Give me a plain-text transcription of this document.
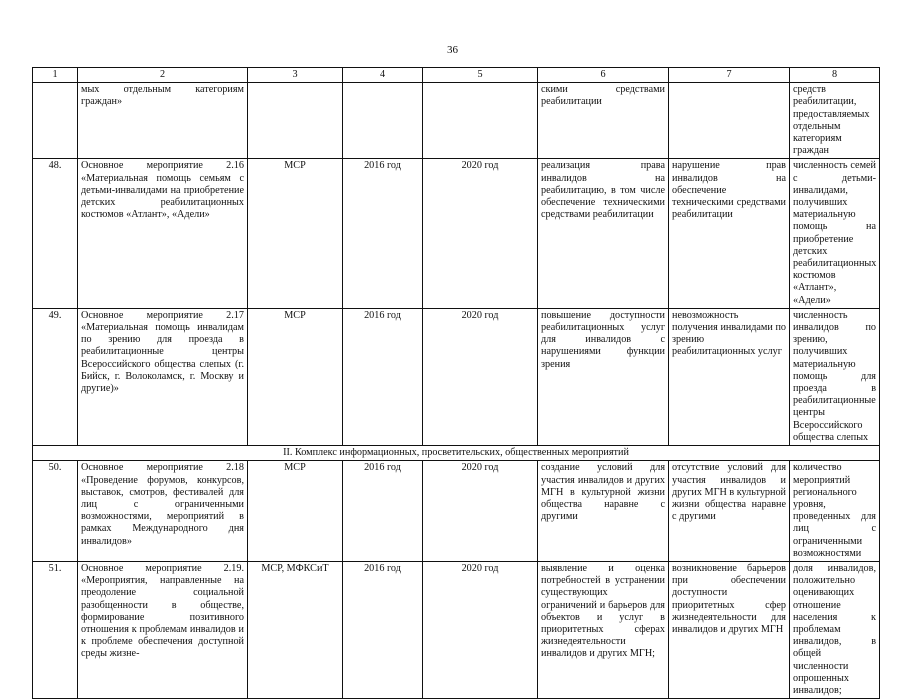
36
1	2	3	4	5	6	7	8
	мых отдельным категориям граждан»				скими средствами реабилитации		средств реабилитации, предоставляемых отдельным категориям граждан
48.	Основное мероприятие 2.16 «Материальная помощь семьям с детьми-инвалидами на приобретение детских реабилитационных костюмов «Атлант», «Адели»	МСР	2016 год	2020 год	реализация права инвалидов на реабилитацию, в том числе обеспечение техническими средствами реабилитации	нарушение прав инвалидов на обеспечение техническими средствами реабилитации	численность семей с детьми-инвалидами, получивших материальную помощь на приобретение детских реабилитационных костюмов «Атлант», «Адели»
49.	Основное мероприятие 2.17 «Материальная помощь инвалидам по зрению для проезда в реабилитационные центры Всероссийского общества слепых (г. Бийск, г. Волоколамск, г. Москву и другие)»	МСР	2016 год	2020 год	повышение доступности реабилитационных услуг для инвалидов с нарушениями функции зрения	невозможность получения инвалидами по зрению реабилитационных услуг	численность инвалидов по зрению, получивших материальную помощь для проезда в реабилитационные центры Всероссийского общества слепых
II. Комплекс информационных, просветительских, общественных мероприятий							
50.	Основное мероприятие 2.18 «Проведение форумов, конкурсов, выставок, смотров, фестивалей для лиц с ограниченными возможностями, мероприятий в рамках Международного дня инвалидов»	МСР	2016 год	2020 год	создание условий для участия инвалидов и других МГН в культурной жизни общества наравне с другими	отсутствие условий для участия инвалидов и других МГН в культурной жизни общества наравне с другими	количество мероприятий регионального уровня, проведенных для лиц с ограниченными возможностями
51.	Основное мероприятие 2.19. «Мероприятия, направленные на преодоление социальной разобщенности в обществе, формирование позитивного отношения к проблемам инвалидов и к проблеме обеспечения доступной среды жизне-	МСР, МФКСиТ	2016 год	2020 год	выявление и оценка потребностей в устранении существующих ограничений и барьеров для объектов и услуг в приоритетных сферах жизнедеятельности инвалидов и других МГН;	возникновение барьеров при обеспечении доступности приоритетных сфер жизнедеятельности для инвалидов и других МГН	доля инвалидов, положительно оценивающих отношение населения к проблемам инвалидов, в общей численности опрошенных инвалидов;
